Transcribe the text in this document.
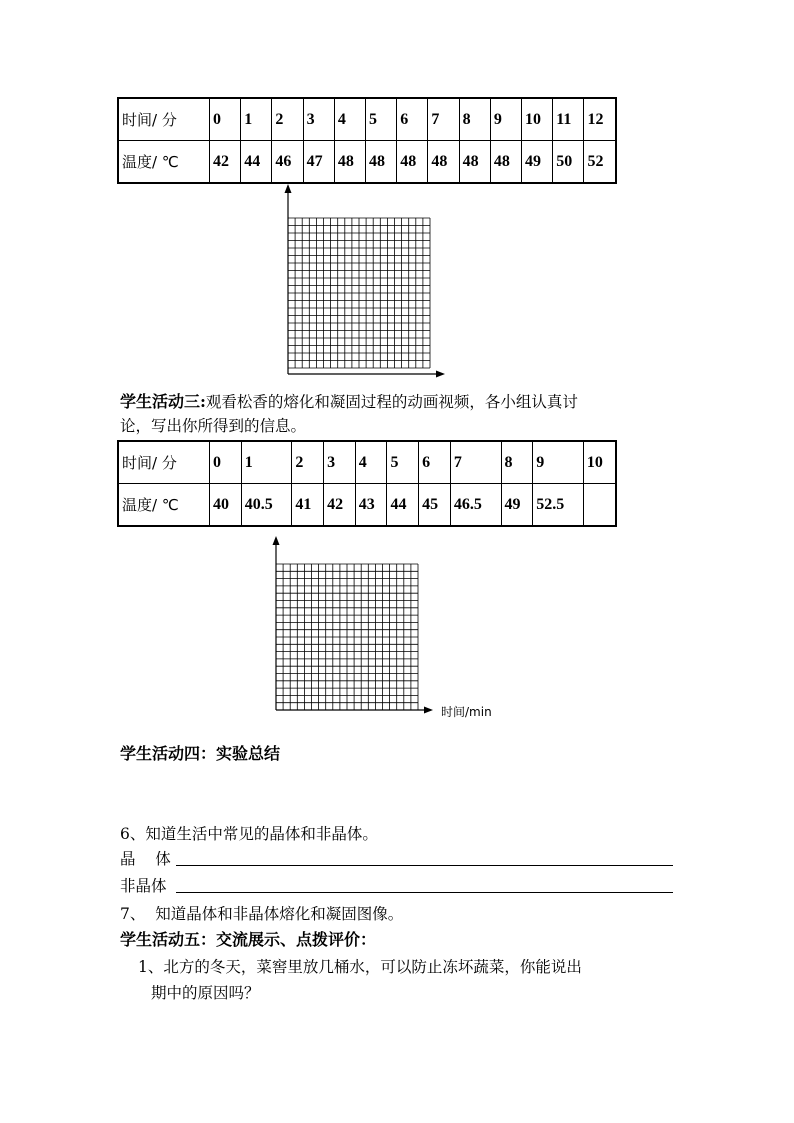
时间/ 分	0	1	2	3	4	5	6	7	8	9	10	11	12
温度/ ℃	42	44	46	47	48	48	48	48	48	48	49	50	52
学生活动三:观看松香的熔化和凝固过程的动画视频，各小组认真讨
论，写出你所得到的信息。
时间/ 分	0	1	2	3	4	5	6	7	8	9	10
温度/ ℃	40	40.5	41	42	43	44	45	46.5	49	52.5	
时间/min
学生活动四：实验总结
6、知道生活中常见的晶体和非晶体。
晶    体
非晶体
7、  知道晶体和非晶体熔化和凝固图像。
学生活动五：交流展示、点拨评价：
1、北方的冬天，菜窖里放几桶水，可以防止冻坏蔬菜，你能说出
期中的原因吗？
